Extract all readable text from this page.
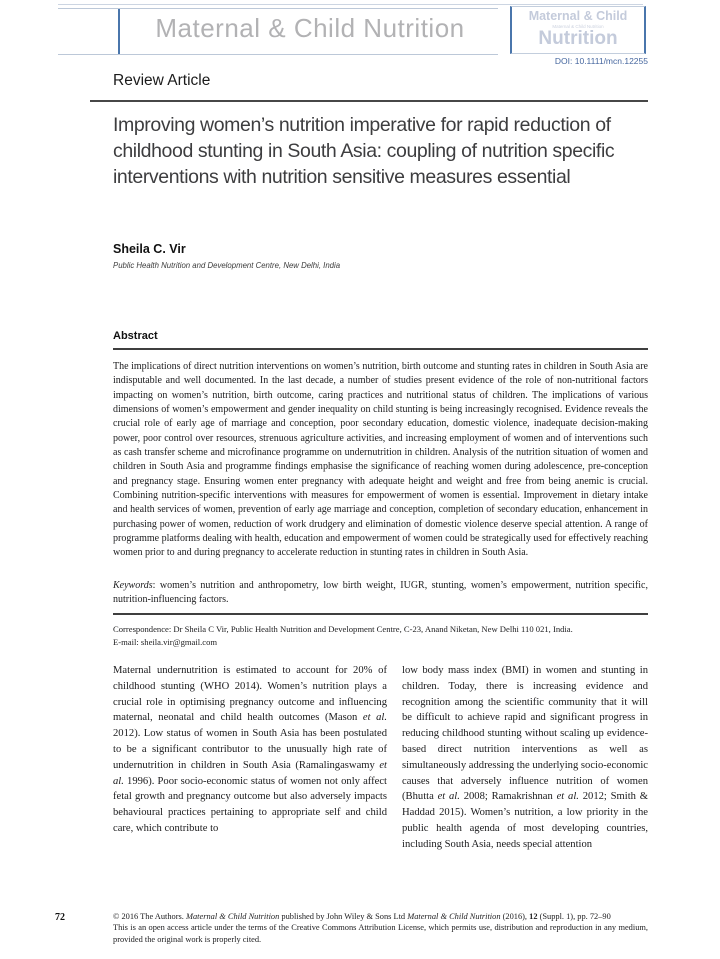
Maternal & Child Nutrition	Maternal & Child
Maternal & Child Nutrition
Nutrition
DOI: 10.1111/mcn.12255
Review Article
Improving women’s nutrition imperative for rapid reduction of childhood stunting in South Asia: coupling of nutrition specific interventions with nutrition sensitive measures essential
Sheila C. Vir
Public Health Nutrition and Development Centre, New Delhi, India
Abstract
The implications of direct nutrition interventions on women’s nutrition, birth outcome and stunting rates in children in South Asia are indisputable and well documented. In the last decade, a number of studies present evidence of the role of non-nutritional factors impacting on women’s nutrition, birth outcome, caring practices and nutritional status of children. The implications of various dimensions of women’s empowerment and gender inequality on child stunting is being increasingly recognised. Evidence reveals the crucial role of early age of marriage and conception, poor secondary education, domestic violence, inadequate decision-making power, poor control over resources, strenuous agriculture activities, and increasing employment of women and of interventions such as cash transfer scheme and microfinance programme on undernutrition in children. Analysis of the nutrition situation of women and children in South Asia and programme findings emphasise the significance of reaching women during adolescence, pre-conception and pregnancy stage. Ensuring women enter pregnancy with adequate height and weight and free from being anemic is crucial. Combining nutrition-specific interventions with measures for empowerment of women is essential. Improvement in dietary intake and health services of women, prevention of early age marriage and conception, completion of secondary education, enhancement in purchasing power of women, reduction of work drudgery and elimination of domestic violence deserve special attention. A range of programme platforms dealing with health, education and empowerment of women could be strategically used for effectively reaching women prior to and during pregnancy to accelerate reduction in stunting rates in children in South Asia.
Keywords: women’s nutrition and anthropometry, low birth weight, IUGR, stunting, women’s empowerment, nutrition specific, nutrition-influencing factors.
Correspondence: Dr Sheila C Vir, Public Health Nutrition and Development Centre, C-23, Anand Niketan, New Delhi 110 021, India.
E-mail: sheila.vir@gmail.com
Maternal undernutrition is estimated to account for 20% of childhood stunting (WHO 2014). Women’s nutrition plays a crucial role in optimising pregnancy outcome and influencing maternal, neonatal and child health outcomes (Mason et al. 2012). Low status of women in South Asia has been postulated to be a significant contributor to the unusually high rate of undernutrition in children in South Asia (Ramalingaswamy et al. 1996). Poor socio-economic status of women not only affect fetal growth and pregnancy outcome but also adversely impacts behavioural practices pertaining to appropriate self and child care, which contribute to
low body mass index (BMI) in women and stunting in children. Today, there is increasing evidence and recognition among the scientific community that it will be difficult to achieve rapid and significant progress in reducing childhood stunting without scaling up evidence-based direct nutrition interventions as well as simultaneously addressing the underlying socio-economic causes that adversely influence nutrition of women (Bhutta et al. 2008; Ramakrishnan et al. 2012; Smith & Haddad 2015). Women’s nutrition, a low priority in the public health agenda of most developing countries, including South Asia, needs special attention
72	© 2016 The Authors. Maternal & Child Nutrition published by John Wiley & Sons Ltd Maternal & Child Nutrition (2016), 12 (Suppl. 1), pp. 72–90
This is an open access article under the terms of the Creative Commons Attribution License, which permits use, distribution and reproduction in any medium, provided the original work is properly cited.
